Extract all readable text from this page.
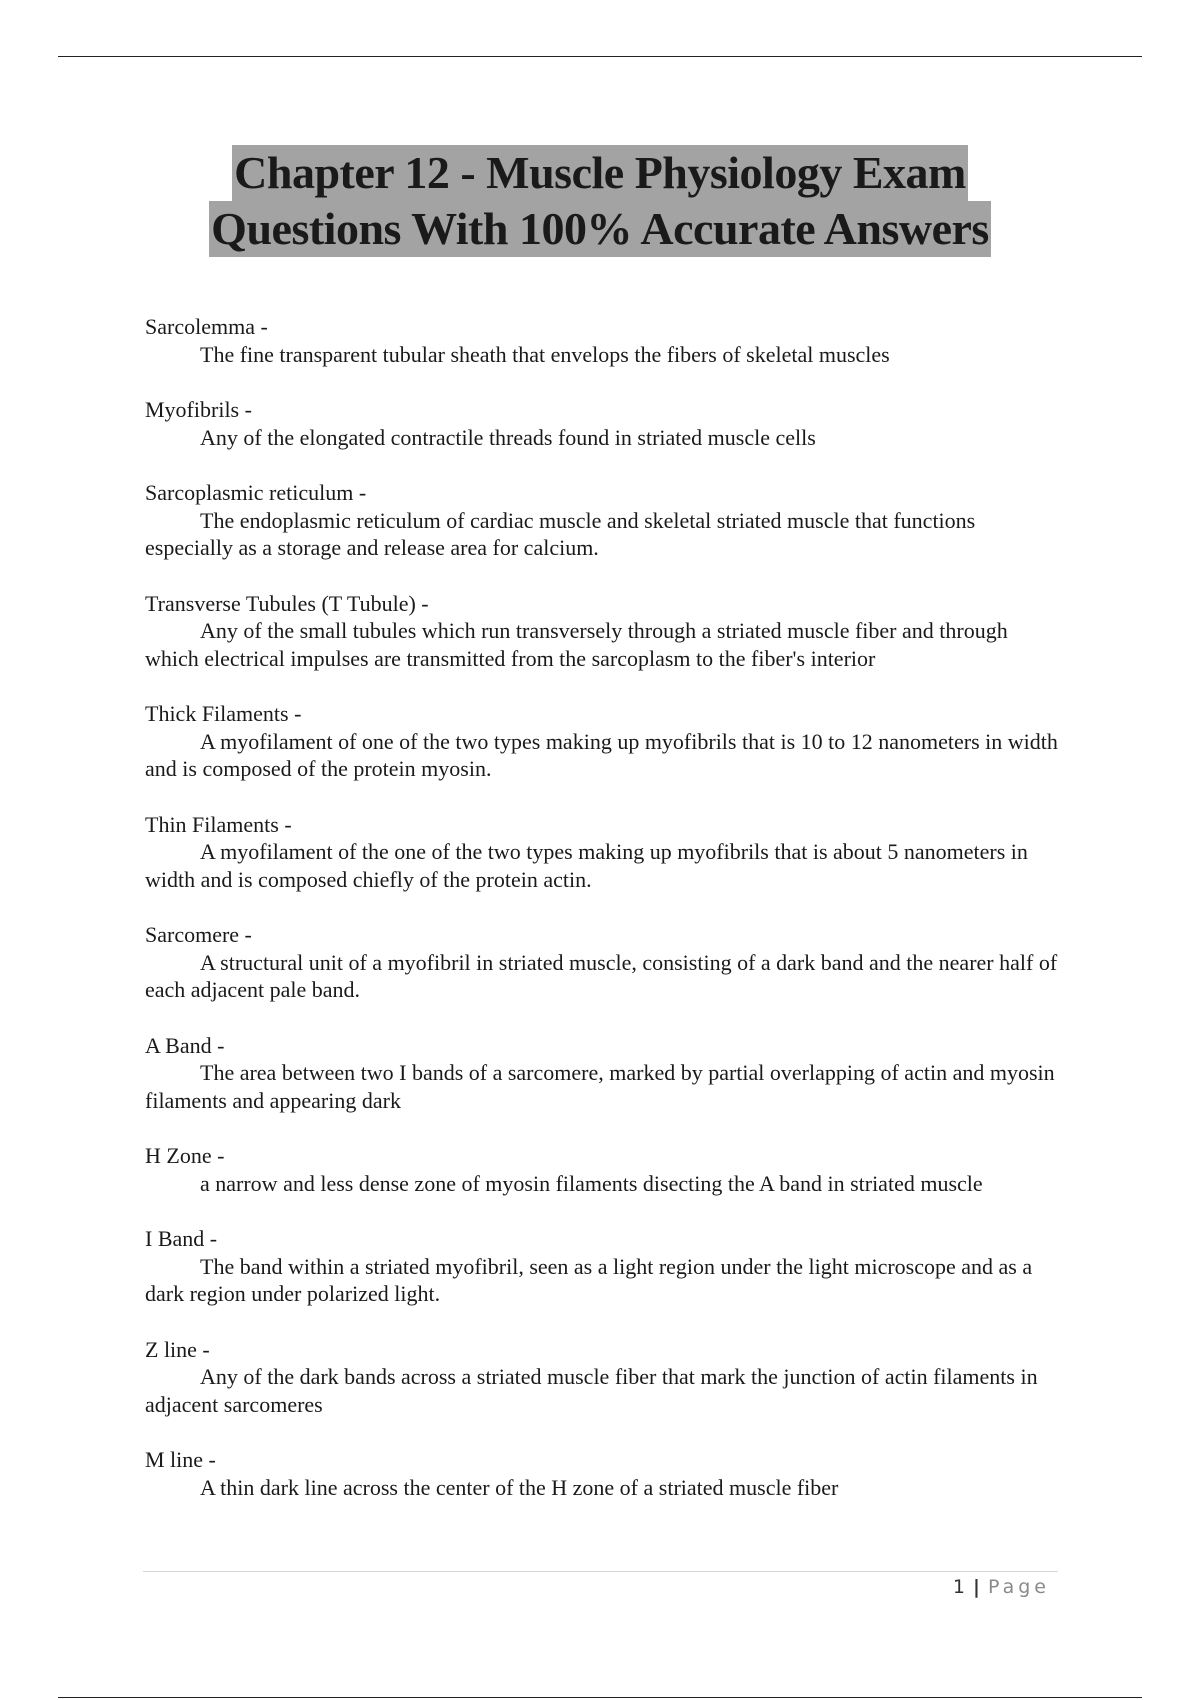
Chapter 12 - Muscle Physiology Exam
Questions With 100% Accurate Answers
Sarcolemma -
The fine transparent tubular sheath that envelops the fibers of skeletal muscles
Myofibrils -
Any of the elongated contractile threads found in striated muscle cells
Sarcoplasmic reticulum -
The endoplasmic reticulum of cardiac muscle and skeletal striated muscle that functions especially as a storage and release area for calcium.
Transverse Tubules (T Tubule) -
Any of the small tubules which run transversely through a striated muscle fiber and through which electrical impulses are transmitted from the sarcoplasm to the fiber's interior
Thick Filaments -
A myofilament of one of the two types making up myofibrils that is 10 to 12 nanometers in width and is composed of the protein myosin.
Thin Filaments -
A myofilament of the one of the two types making up myofibrils that is about 5 nanometers in width and is composed chiefly of the protein actin.
Sarcomere -
A structural unit of a myofibril in striated muscle, consisting of a dark band and the nearer half of each adjacent pale band.
A Band -
The area between two I bands of a sarcomere, marked by partial overlapping of actin and myosin filaments and appearing dark
H Zone -
a narrow and less dense zone of myosin filaments disecting the A band in striated muscle
I Band -
The band within a striated myofibril, seen as a light region under the light microscope and as a dark region under polarized light.
Z line -
Any of the dark bands across a striated muscle fiber that mark the junction of actin filaments in adjacent sarcomeres
M line -
A thin dark line across the center of the H zone of a striated muscle fiber
1 | Page
